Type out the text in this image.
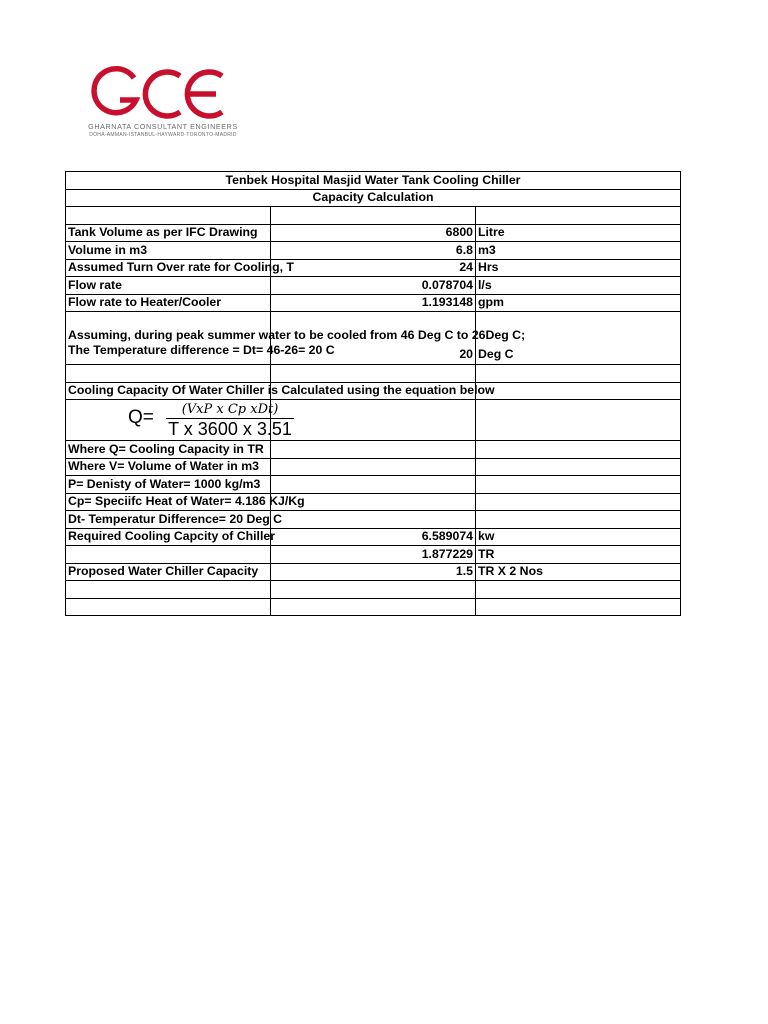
GHARNATA CONSULTANT ENGINEERS
DOHA-AMMAN-ISTANBUL-HAYWARD-TORONTO-MADRID
Tenbek Hospital Masjid Water Tank Cooling Chiller		
Capacity Calculation		

Tank Volume as per IFC Drawing	6800	Litre
Volume in m3	6.8	m3
Assumed Turn Over rate for Cooling, T	24	Hrs
Flow rate	0.078704	l/s
Flow rate to Heater/Cooler	1.193148	gpm

Assuming, during peak summer water to be cooled from 46 Deg C to 26Deg C;
The Temperature difference = Dt= 46-26= 20 C	20	Deg C

Cooling Capacity Of Water Chiller is Calculated using the equation below		

Q= (VxP x Cp xDt)
T x 3600 x 3.51		

Where Q= Cooling Capacity in TR		
Where V= Volume of Water in m3		
P= Denisty of Water= 1000 kg/m3		
Cp= Speciifc Heat of Water= 4.186 KJ/Kg		
Dt- Temperatur Difference= 20 Deg C		
Required Cooling Capcity of Chiller	6.589074	kw
	1.877229	TR
Proposed Water Chiller Capacity	1.5	TR X 2 Nos
